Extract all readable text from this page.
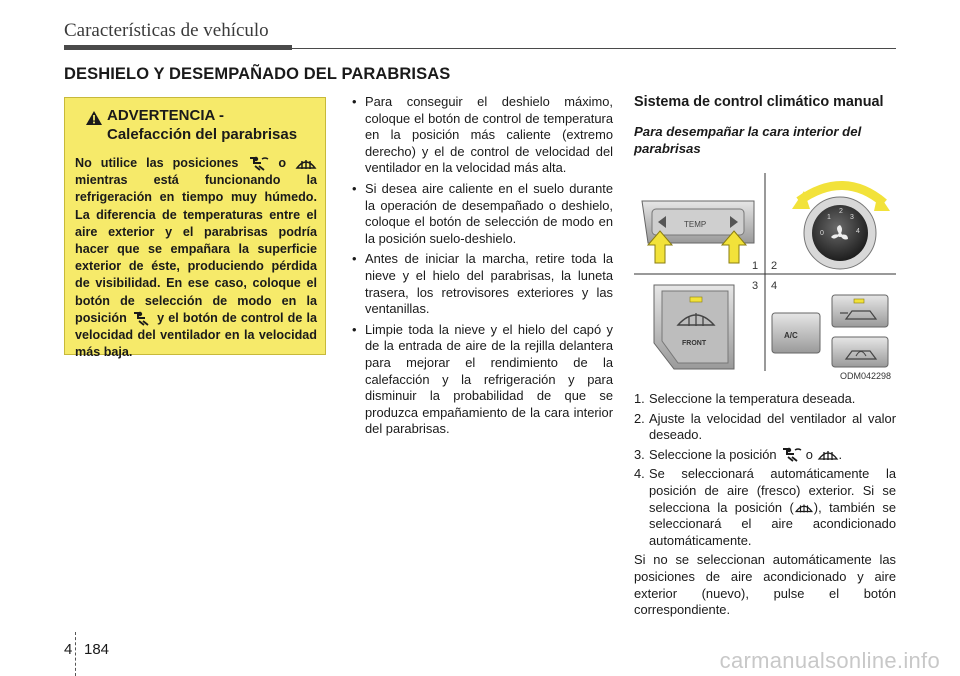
Características de vehículo
DESHIELO Y DESEMPAÑADO DEL PARABRISAS
ADVERTENCIA -
Calefacción del parabrisas
No utilice las posiciones	o  mientras está funcionando la refrigeración en tiempo muy húmedo. La diferencia de temperaturas entre el aire exterior y el parabrisas podría hacer que se empañara la superficie exterior de éste, produciendo pérdida de visibilidad. En ese caso, coloque el botón de selección de modo en la posición y el botón de control de la velocidad del ventilador en la velocidad más baja.
• Para conseguir el deshielo máximo, coloque el botón de control de temperatura en la posición más caliente (extremo derecho) y el de control de velocidad del ventilador en la velocidad más alta.
• Si desea aire caliente en el suelo durante la operación de desempañado o deshielo, coloque el botón de selección de modo en la posición suelo-deshielo.
• Antes de iniciar la marcha, retire toda la nieve y el hielo del parabrisas, la luneta trasera, los retrovisores exteriores y las ventanillas.
• Limpie toda la nieve y el hielo del capó y de la entrada de aire de la rejilla delantera para mejorar el rendimiento de la calefacción y la refrigeración y para disminuir la probabilidad de que se produzca empañamiento de la cara interior del parabrisas.

Sistema de control climático manual

Para desempañar la cara interior del parabrisas

TEMP
1
2
3
4
0
1 2
3 4
FRONT
A/C
ODM042298
1. Seleccione la temperatura deseada.
2. Ajuste la velocidad del ventilador al valor deseado.
3. Seleccione la posición o .
4. Se seleccionará automáticamente la posición de aire (fresco) exterior. Si se selecciona la posición ( ), también se seleccionará el aire acondicionado automáticamente.

Si no se seleccionan automáticamente las posiciones de aire acondicionado y aire exterior (nuevo), pulse el botón correspondiente.

4 184	carmanualsonline.info
